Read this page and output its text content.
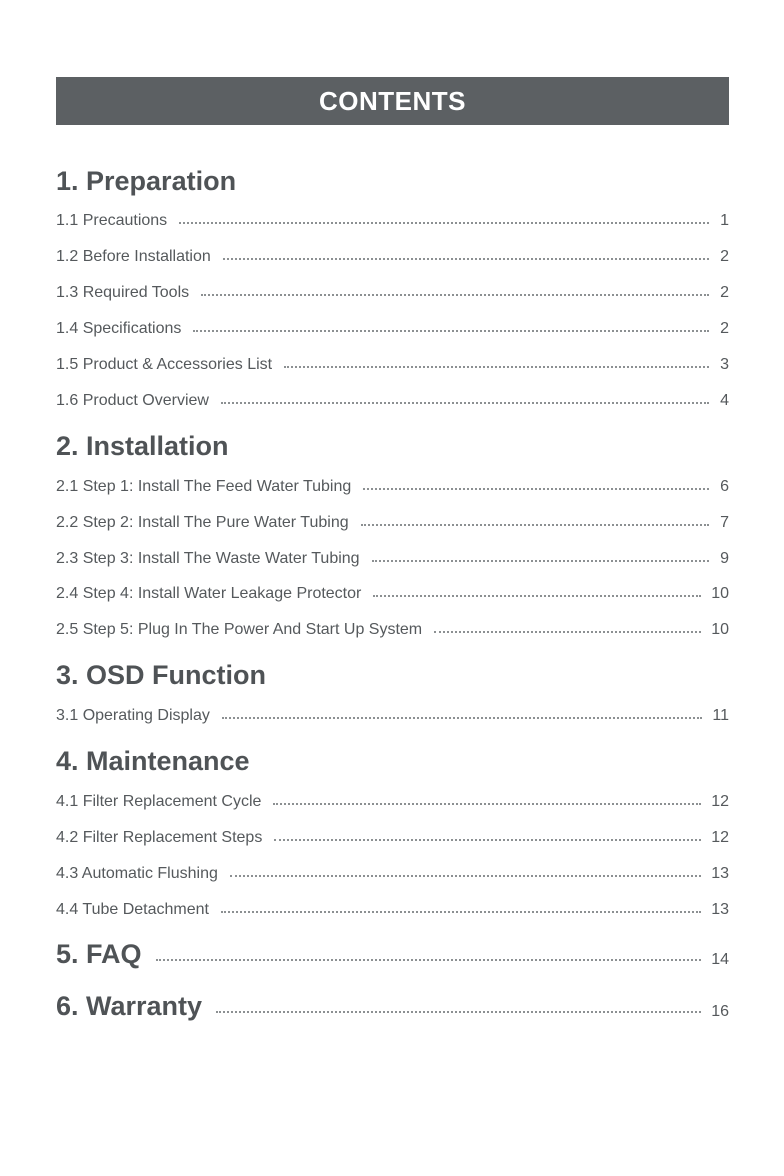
CONTENTS
1. Preparation
1.1 Precautions	1
1.2 Before Installation	2
1.3 Required Tools	2
1.4 Specifications	2
1.5 Product & Accessories List	3
1.6 Product Overview	4
2. Installation
2.1 Step 1: Install The Feed Water Tubing	6
2.2 Step 2: Install The Pure Water Tubing	7
2.3 Step 3: Install The Waste Water Tubing	9
2.4 Step 4: Install Water Leakage Protector	10
2.5 Step 5: Plug In The Power And Start Up System	10
3. OSD Function
3.1 Operating Display	11
4. Maintenance
4.1 Filter Replacement Cycle	12
4.2 Filter Replacement Steps	12
4.3 Automatic Flushing	13
4.4 Tube Detachment	13
5. FAQ	14
6. Warranty	16
